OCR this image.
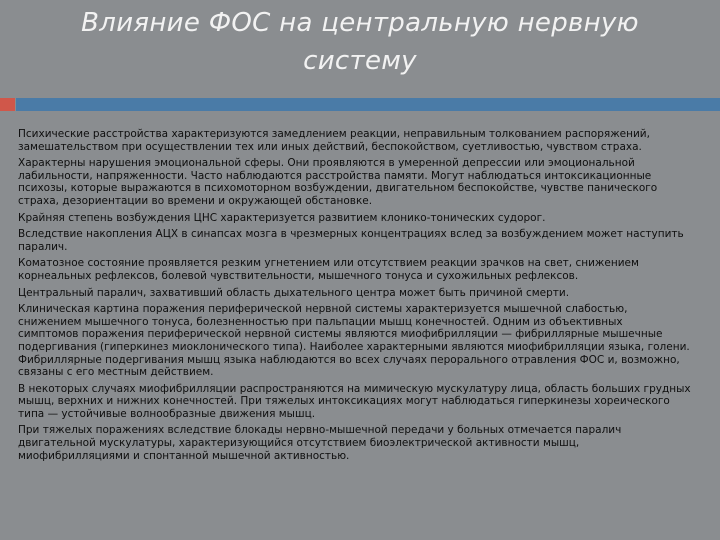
Влияние ФОС на центральную нервную
систему

Психические расстройства характеризуются замедлением реакции, неправильным толкованием распоряжений,
замешательством при осуществлении тех или иных действий, беспокойством, суетливостью, чувством страха.

Характерны нарушения эмоциональной сферы. Они проявляются в умеренной депрессии или эмоциональной
лабильности, напряженности. Часто наблюдаются расстройства памяти. Могут наблюдаться интоксикационные
психозы, которые выражаются в психомоторном возбуждении, двигательном беспокойстве, чувстве панического
страха, дезориентации во времени и окружающей обстановке.

Крайняя степень возбуждения ЦНС характеризуется развитием клонико-тонических судорог.

Вследствие накопления АЦХ в синапсах мозга в чрезмерных концентрациях вслед за возбуждением может наступить
паралич.

Коматозное состояние проявляется резким угнетением или отсутствием реакции зрачков на свет, снижением
корнеальных рефлексов, болевой чувствительности, мышечного тонуса и сухожильных рефлексов.

Центральный паралич, захвативший область дыхательного центра может быть причиной смерти.

Клиническая картина поражения периферической нервной системы характеризуется мышечной слабостью,
снижением мышечного тонуса, болезненностью при пальпации мышц конечностей. Одним из объективных
симптомов поражения периферической нервной системы являются миофибрилляции — фибриллярные мышечные
подергивания (гиперкинез миоклонического типа). Наиболее характерными являются миофибрилляции языка, голени.
Фибриллярные подергивания мышц языка наблюдаются во всех случаях перорального отравления ФОС и, возможно,
связаны с его местным действием.

В некоторых случаях миофибрилляции распространяются на мимическую мускулатуру лица, область больших грудных
мышц, верхних и нижних конечностей. При тяжелых интоксикациях могут наблюдаться гиперкинезы хореического
типа — устойчивые волнообразные движения мышц.

При тяжелых поражениях вследствие блокады нервно-мышечной передачи у больных отмечается паралич
двигательной мускулатуры, характеризующийся отсутствием биоэлектрической активности мышц,
миофибрилляциями и спонтанной мышечной активностью.
